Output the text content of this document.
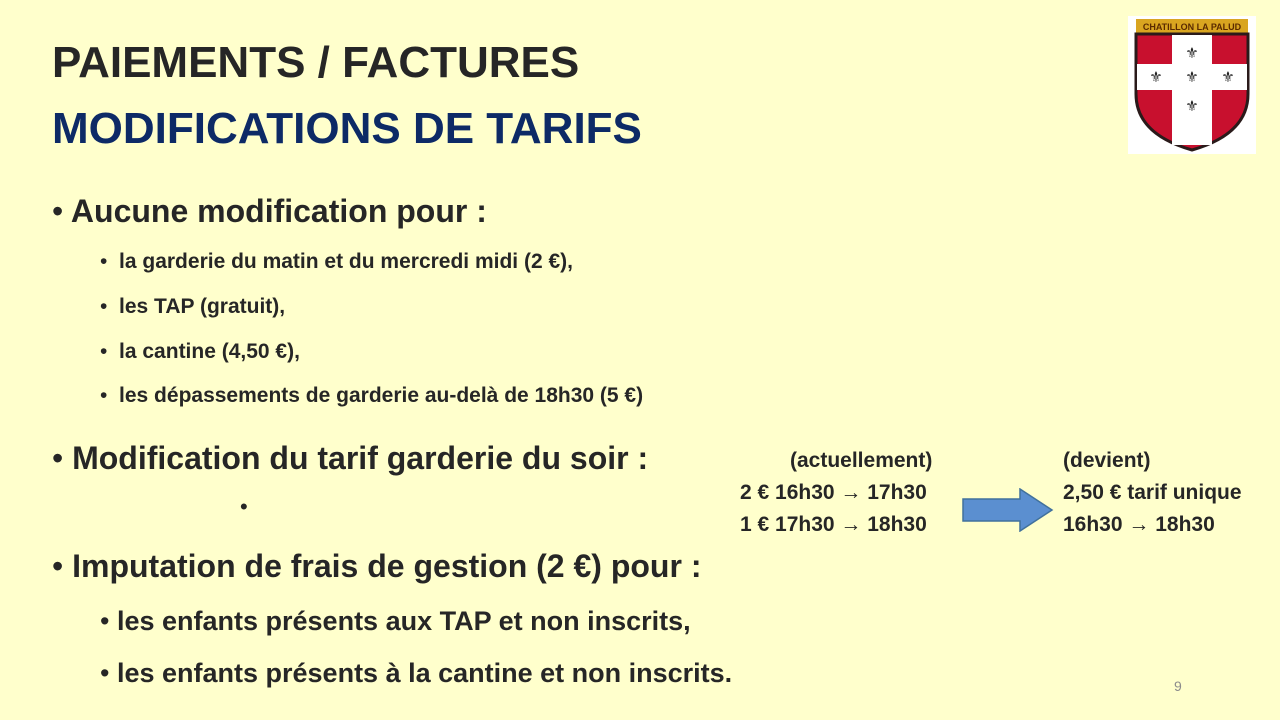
PAIEMENTS / FACTURES
MODIFICATIONS DE TARIFS
CHATILLON LA PALUD
⚜
⚜ ⚜ ⚜
⚜
• Aucune modification pour :
• la garderie du matin et du mercredi midi (2 €),
• les TAP (gratuit),
• la cantine (4,50 €),
• les dépassements de garderie au-delà de 18h30 (5 €)
• Modification du tarif garderie du soir :
•
(actuellement)
2 € 16h30 → 17h30
1 € 17h30 → 18h30
(devient)
2,50 € tarif unique
16h30 → 18h30
• Imputation de frais de gestion (2 €) pour :
• les enfants présents aux TAP et non inscrits,
• les enfants présents à la cantine et non inscrits.	9
